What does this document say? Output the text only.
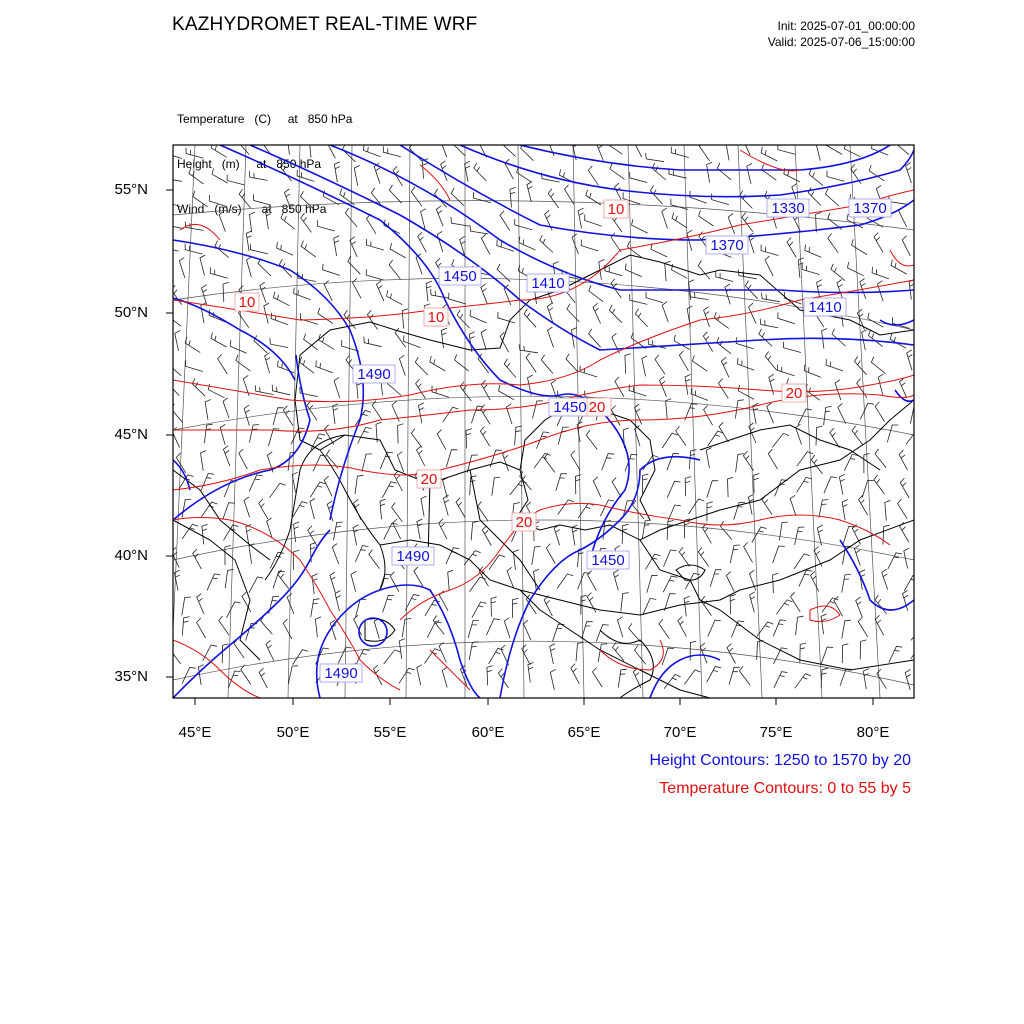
KAZHYDROMET REAL-TIME WRF	Init: 2025-07-01_00:00:00
Valid: 2025-07-06_15:00:00

Temperature   (C)     at   850 hPa

Height   (m)     at   850 hPa

Wind   (m/s)      at   850 hPa	1330	1370
1370
1410
1410
1450
1450
1450
1490
1490
1490
10
10
10
20
20
20
20
55°N
50°N
45°N
40°N
35°N
45°E	50°E	55°E	60°E	65°E	70°E	75°E	80°E
Height Contours: 1250 to 1570 by 20
Temperature Contours: 0 to 55 by 5
